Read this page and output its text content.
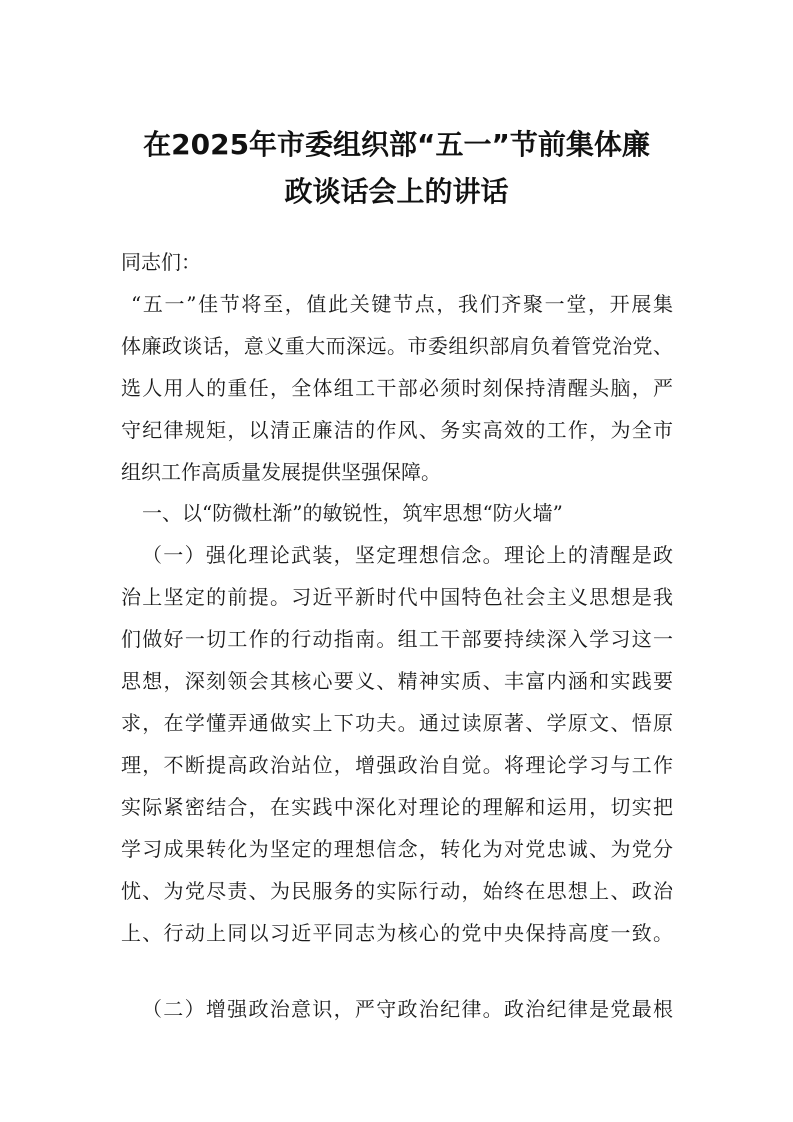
在2025年市委组织部“五一”节前集体廉
政谈话会上的讲话

同志们：

“五一”佳节将至，值此关键节点，我们齐聚一堂，开展集

体廉政谈话，意义重大而深远。市委组织部肩负着管党治党、

选人用人的重任，全体组工干部必须时刻保持清醒头脑，严

守纪律规矩，以清正廉洁的作风、务实高效的工作，为全市

组织工作高质量发展提供坚强保障。

一、以“防微杜渐”的敏锐性，筑牢思想“防火墙”

（一）强化理论武装，坚定理想信念。理论上的清醒是政

治上坚定的前提。习近平新时代中国特色社会主义思想是我

们做好一切工作的行动指南。组工干部要持续深入学习这一

思想，深刻领会其核心要义、精神实质、丰富内涵和实践要

求，在学懂弄通做实上下功夫。通过读原著、学原文、悟原

理，不断提高政治站位，增强政治自觉。将理论学习与工作

实际紧密结合，在实践中深化对理论的理解和运用，切实把

学习成果转化为坚定的理想信念，转化为对党忠诚、为党分

忧、为党尽责、为民服务的实际行动，始终在思想上、政治

上、行动上同以习近平同志为核心的党中央保持高度一致。

（二）增强政治意识，严守政治纪律。政治纪律是党最根
